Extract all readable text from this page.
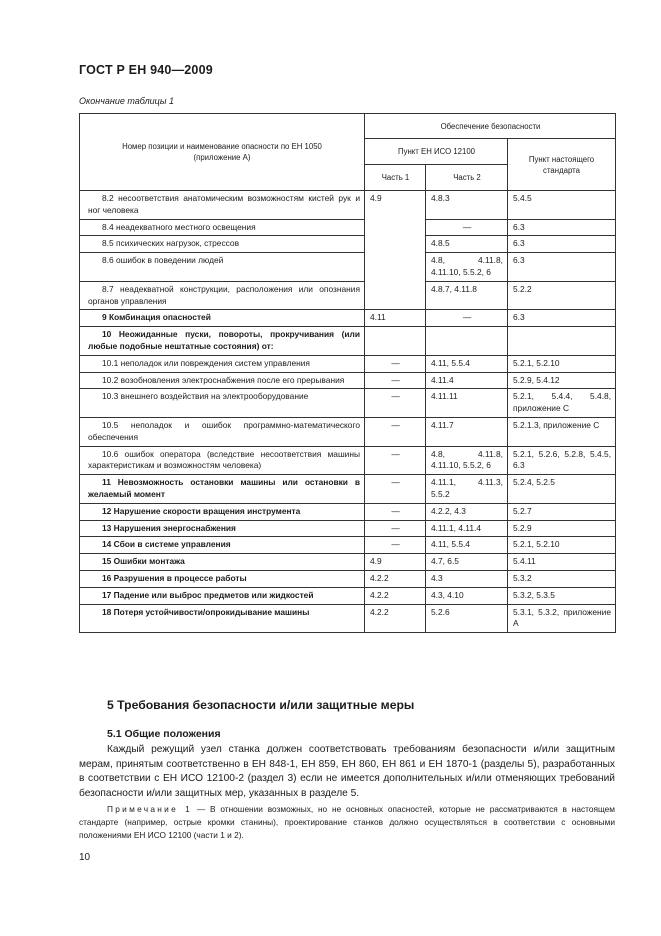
ГОСТ Р ЕН 940—2009
Окончание таблицы 1
Номер позиции и наименование опасности по ЕН 1050 (приложение А)	Обеспечение безопасности		
	Пункт ЕН ИСО 12100		Пункт настоящего стандарта
	Часть 1	Часть 2	
8.2 несоответствия анатомическим возможностям кистей рук и ног человека	4.9	4.8.3	5.4.5
8.4 неадекватного местного освещения		—	6.3
8.5 психических нагрузок, стрессов		4.8.5	6.3
8.6 ошибок в поведении людей		4.8, 4.11.8, 4.11.10, 5.5.2, 6	6.3
8.7 неадекватной конструкции, расположения или опознания органов управления		4.8.7, 4.11.8	5.2.2
9 Комбинация опасностей	4.11	—	6.3
10 Неожиданные пуски, повороты, прокручивания (или любые подобные нештатные состояния) от:			
10.1 неполадок или повреждения систем управления	—	4.11, 5.5.4	5.2.1, 5.2.10
10.2 возобновления электроснабжения после его прерывания	—	4.11.4	5.2.9, 5.4.12
10.3 внешнего воздействия на электрооборудование	—	4.11.11	5.2.1, 5.4.4, 5.4.8, приложение С
10.5 неполадок и ошибок программно-математического обеспечения	—	4.11.7	5.2.1.3, приложение С
10.6 ошибок оператора (вследствие несоответствия машины характеристикам и возможностям человека)	—	4.8, 4.11.8, 4.11.10, 5.5.2, 6	5.2.1, 5.2.6, 5.2.8, 5.4.5, 6.3
11 Невозможность остановки машины или остановки в желаемый момент	—	4.11.1, 4.11.3, 5.5.2	5.2.4, 5.2.5
12 Нарушение скорости вращения инструмента	—	4.2.2, 4.3	5.2.7
13 Нарушения энергоснабжения	—	4.11.1, 4.11.4	5.2.9
14 Сбои в системе управления	—	4.11, 5.5.4	5.2.1, 5.2.10
15 Ошибки монтажа	4.9	4.7, 6.5	5.4.11
16 Разрушения в процессе работы	4.2.2	4.3	5.3.2
17 Падение или выброс предметов или жидкостей	4.2.2	4.3, 4.10	5.3.2, 5.3.5
18 Потеря устойчивости/опрокидывание машины	4.2.2	5.2.6	5.3.1, 5.3.2, приложение А
5 Требования безопасности и/или защитные меры
5.1 Общие положения
Каждый режущий узел станка должен соответствовать требованиям безопасности и/или защитным мерам, принятым соответственно в ЕН 848-1, ЕН 859, ЕН 860, ЕН 861 и ЕН 1870-1 (разделы 5), разработанных в соответствии с ЕН ИСО 12100-2 (раздел 3) если не имеется дополнительных и/или отменяющих требований безопасности и/или защитных мер, указанных в разделе 5.
Примечание 1 — В отношении возможных, но не основных опасностей, которые не рассматриваются в настоящем стандарте (например, острые кромки станины), проектирование станков должно осуществляться в соответствии с основными положениями ЕН ИСО 12100 (части 1 и 2).
10
